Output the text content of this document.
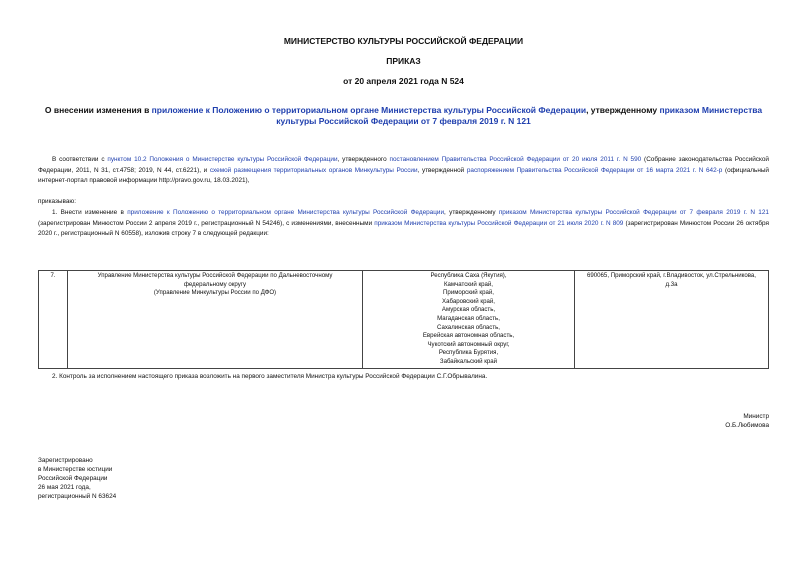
МИНИСТЕРСТВО КУЛЬТУРЫ РОССИЙСКОЙ ФЕДЕРАЦИИ
ПРИКАЗ
от 20 апреля 2021 года N 524
О внесении изменения в приложение к Положению о территориальном органе Министерства культуры Российской Федерации, утвержденному приказом Министерства культуры Российской Федерации от 7 февраля 2019 г. N 121
В соответствии с пунктом 10.2 Положения о Министерстве культуры Российской Федерации, утвержденного постановлением Правительства Российской Федерации от 20 июля 2011 г. N 590 (Собрание законодательства Российской Федерации, 2011, N 31, ст.4758; 2019, N 44, ст.6221), и схемой размещения территориальных органов Минкультуры России, утвержденной распоряжением Правительства Российской Федерации от 16 марта 2021 г. N 642-р (официальный интернет-портал правовой информации http://pravo.gov.ru, 18.03.2021),
приказываю:
1. Внести изменение в приложение к Положению о территориальном органе Министерства культуры Российской Федерации, утвержденному приказом Министерства культуры Российской Федерации от 7 февраля 2019 г. N 121 (зарегистрирован Минюстом России 2 апреля 2019 г., регистрационный N 54246), с изменениями, внесенными приказом Министерства культуры Российской Федерации от 21 июля 2020 г. N 809 (зарегистрирован Минюстом России 26 октября 2020 г., регистрационный N 60558), изложив строку 7 в следующей редакции:
7.	Управление Министерства культуры Российской Федерации по Дальневосточному
федеральному округу
(Управление Минкультуры России по ДФО)

Республика Саха (Якутия),
Камчатский край,
Приморский край,
Хабаровский край,
Амурская область,
Магаданская область,
Сахалинская область,
Еврейская автономная область,
Чукотский автономный округ,
Республика Бурятия,
Забайкальский край

690065, Приморский край, г.Владивосток, ул.Стрельникова,
д.3а
2. Контроль за исполнением настоящего приказа возложить на первого заместителя Министра культуры Российской Федерации С.Г.Обрывалина.
Министр
О.Б.Любимова
Зарегистрировано
в Министерстве юстиции
Российской Федерации
26 мая 2021 года,
регистрационный N 63624
